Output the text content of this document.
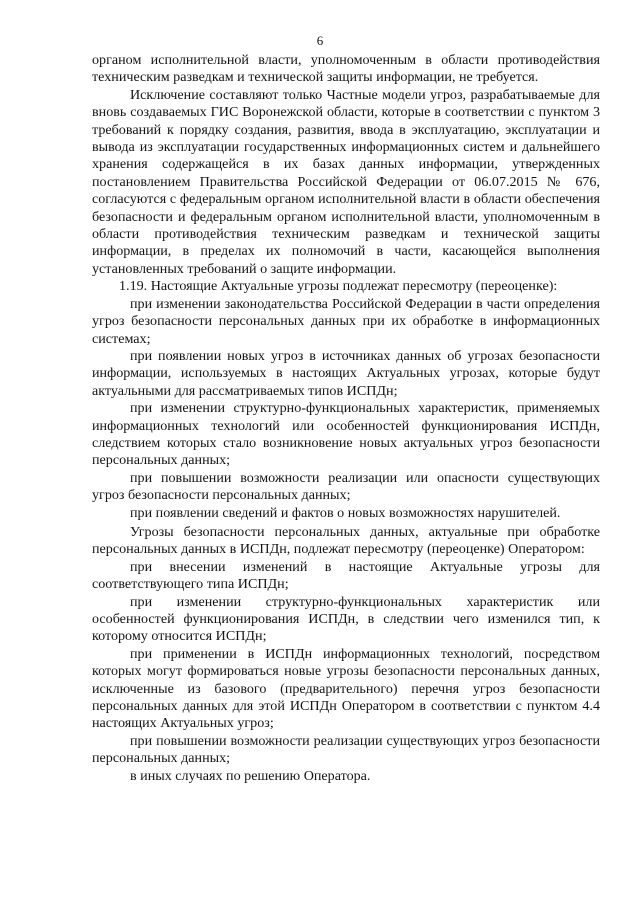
6

органом исполнительной власти, уполномоченным в области противодействия техническим разведкам и технической защиты информации, не требуется.

Исключение составляют только Частные модели угроз, разрабатываемые для вновь создаваемых ГИС Воронежской области, которые в соответствии с пунктом 3 требований к порядку создания, развития, ввода в эксплуатацию, эксплуатации и вывода из эксплуатации государственных информационных систем и дальнейшего хранения содержащейся в их базах данных информации, утвержденных постановлением Правительства Российской Федерации от 06.07.2015 № 676, согласуются с федеральным органом исполнительной власти в области обеспечения безопасности и федеральным органом исполнительной власти, уполномоченным в области противодействия техническим разведкам и технической защиты информации, в пределах их полномочий в части, касающейся выполнения установленных требований о защите информации.

1.19. Настоящие Актуальные угрозы подлежат пересмотру (переоценке):

при изменении законодательства Российской Федерации в части определения угроз безопасности персональных данных при их обработке в информационных системах;

при появлении новых угроз в источниках данных об угрозах безопасности информации, используемых в настоящих Актуальных угрозах, которые будут актуальными для рассматриваемых типов ИСПДн;

при изменении структурно-функциональных характеристик, применяемых информационных технологий или особенностей функционирования ИСПДн, следствием которых стало возникновение новых актуальных угроз безопасности персональных данных;

при повышении возможности реализации или опасности существующих угроз безопасности персональных данных;

при появлении сведений и фактов о новых возможностях нарушителей.

Угрозы безопасности персональных данных, актуальные при обработке персональных данных в ИСПДн, подлежат пересмотру (переоценке) Оператором:

при внесении изменений в настоящие Актуальные угрозы для соответствующего типа ИСПДн;

при изменении структурно-функциональных характеристик или особенностей функционирования ИСПДн, в следствии чего изменился тип, к которому относится ИСПДн;

при применении в ИСПДн информационных технологий, посредством которых могут формироваться новые угрозы безопасности персональных данных, исключенные из базового (предварительного) перечня угроз безопасности персональных данных для этой ИСПДн Оператором в соответствии с пунктом 4.4 настоящих Актуальных угроз;

при повышении возможности реализации существующих угроз безопасности персональных данных;

в иных случаях по решению Оператора.
